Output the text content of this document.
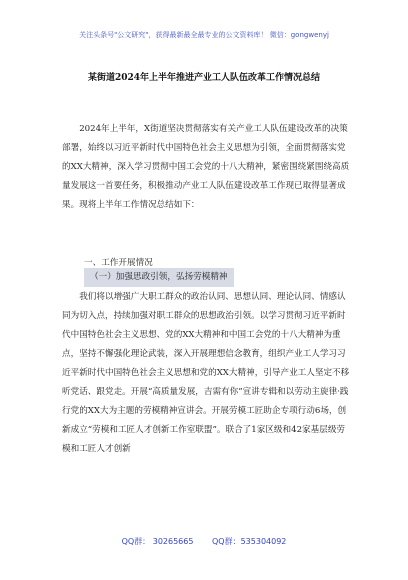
关注头条号"公文研究"，获得最新最全最专业的公文资料库！ 微信：gongwenyj
某街道2024年上半年推进产业工人队伍改革工作情况总结

2024年上半年，X街道坚决贯彻落实有关产业工人队伍建设改革的决策部署，始终以习近平新时代中国特色社会主义思想为引领，全面贯彻落实党的XX大精神，深入学习贯彻中国工会党的十八大精神，紧密围绕紧围绕高质量发展这一首要任务，积极推动产业工人队伍建设改革工作现已取得显著成果。现将上半年工作情况总结如下：

一、工作开展情况

（一）加强思政引领，弘扬劳模精神

我们将以增强广大职工群众的政治认同、思想认同、理论认同、情感认同为切入点，持续加强对职工群众的思想政治引领。以学习贯彻习近平新时代中国特色社会主义思想、党的XX大精神和中国工会党的十八大精神为重点，坚持不懈强化理论武装，深入开展理想信念教育，组织产业工人学习习近平新时代中国特色社会主义思想和党的XX大精神，引导产业工人坚定不移听党话、跟党走。开展“高质量发展，吉需有你”宣讲专辑和以劳动主旋律·践行党的XX大为主题的劳模精神宣讲会。开展劳模工匠助企专项行动6场，创新成立“劳模和工匠人才创新工作室联盟”。联合了1家区级和42家基层级劳模和工匠人才创新

QQ群： 30265665 QQ群：535304092
